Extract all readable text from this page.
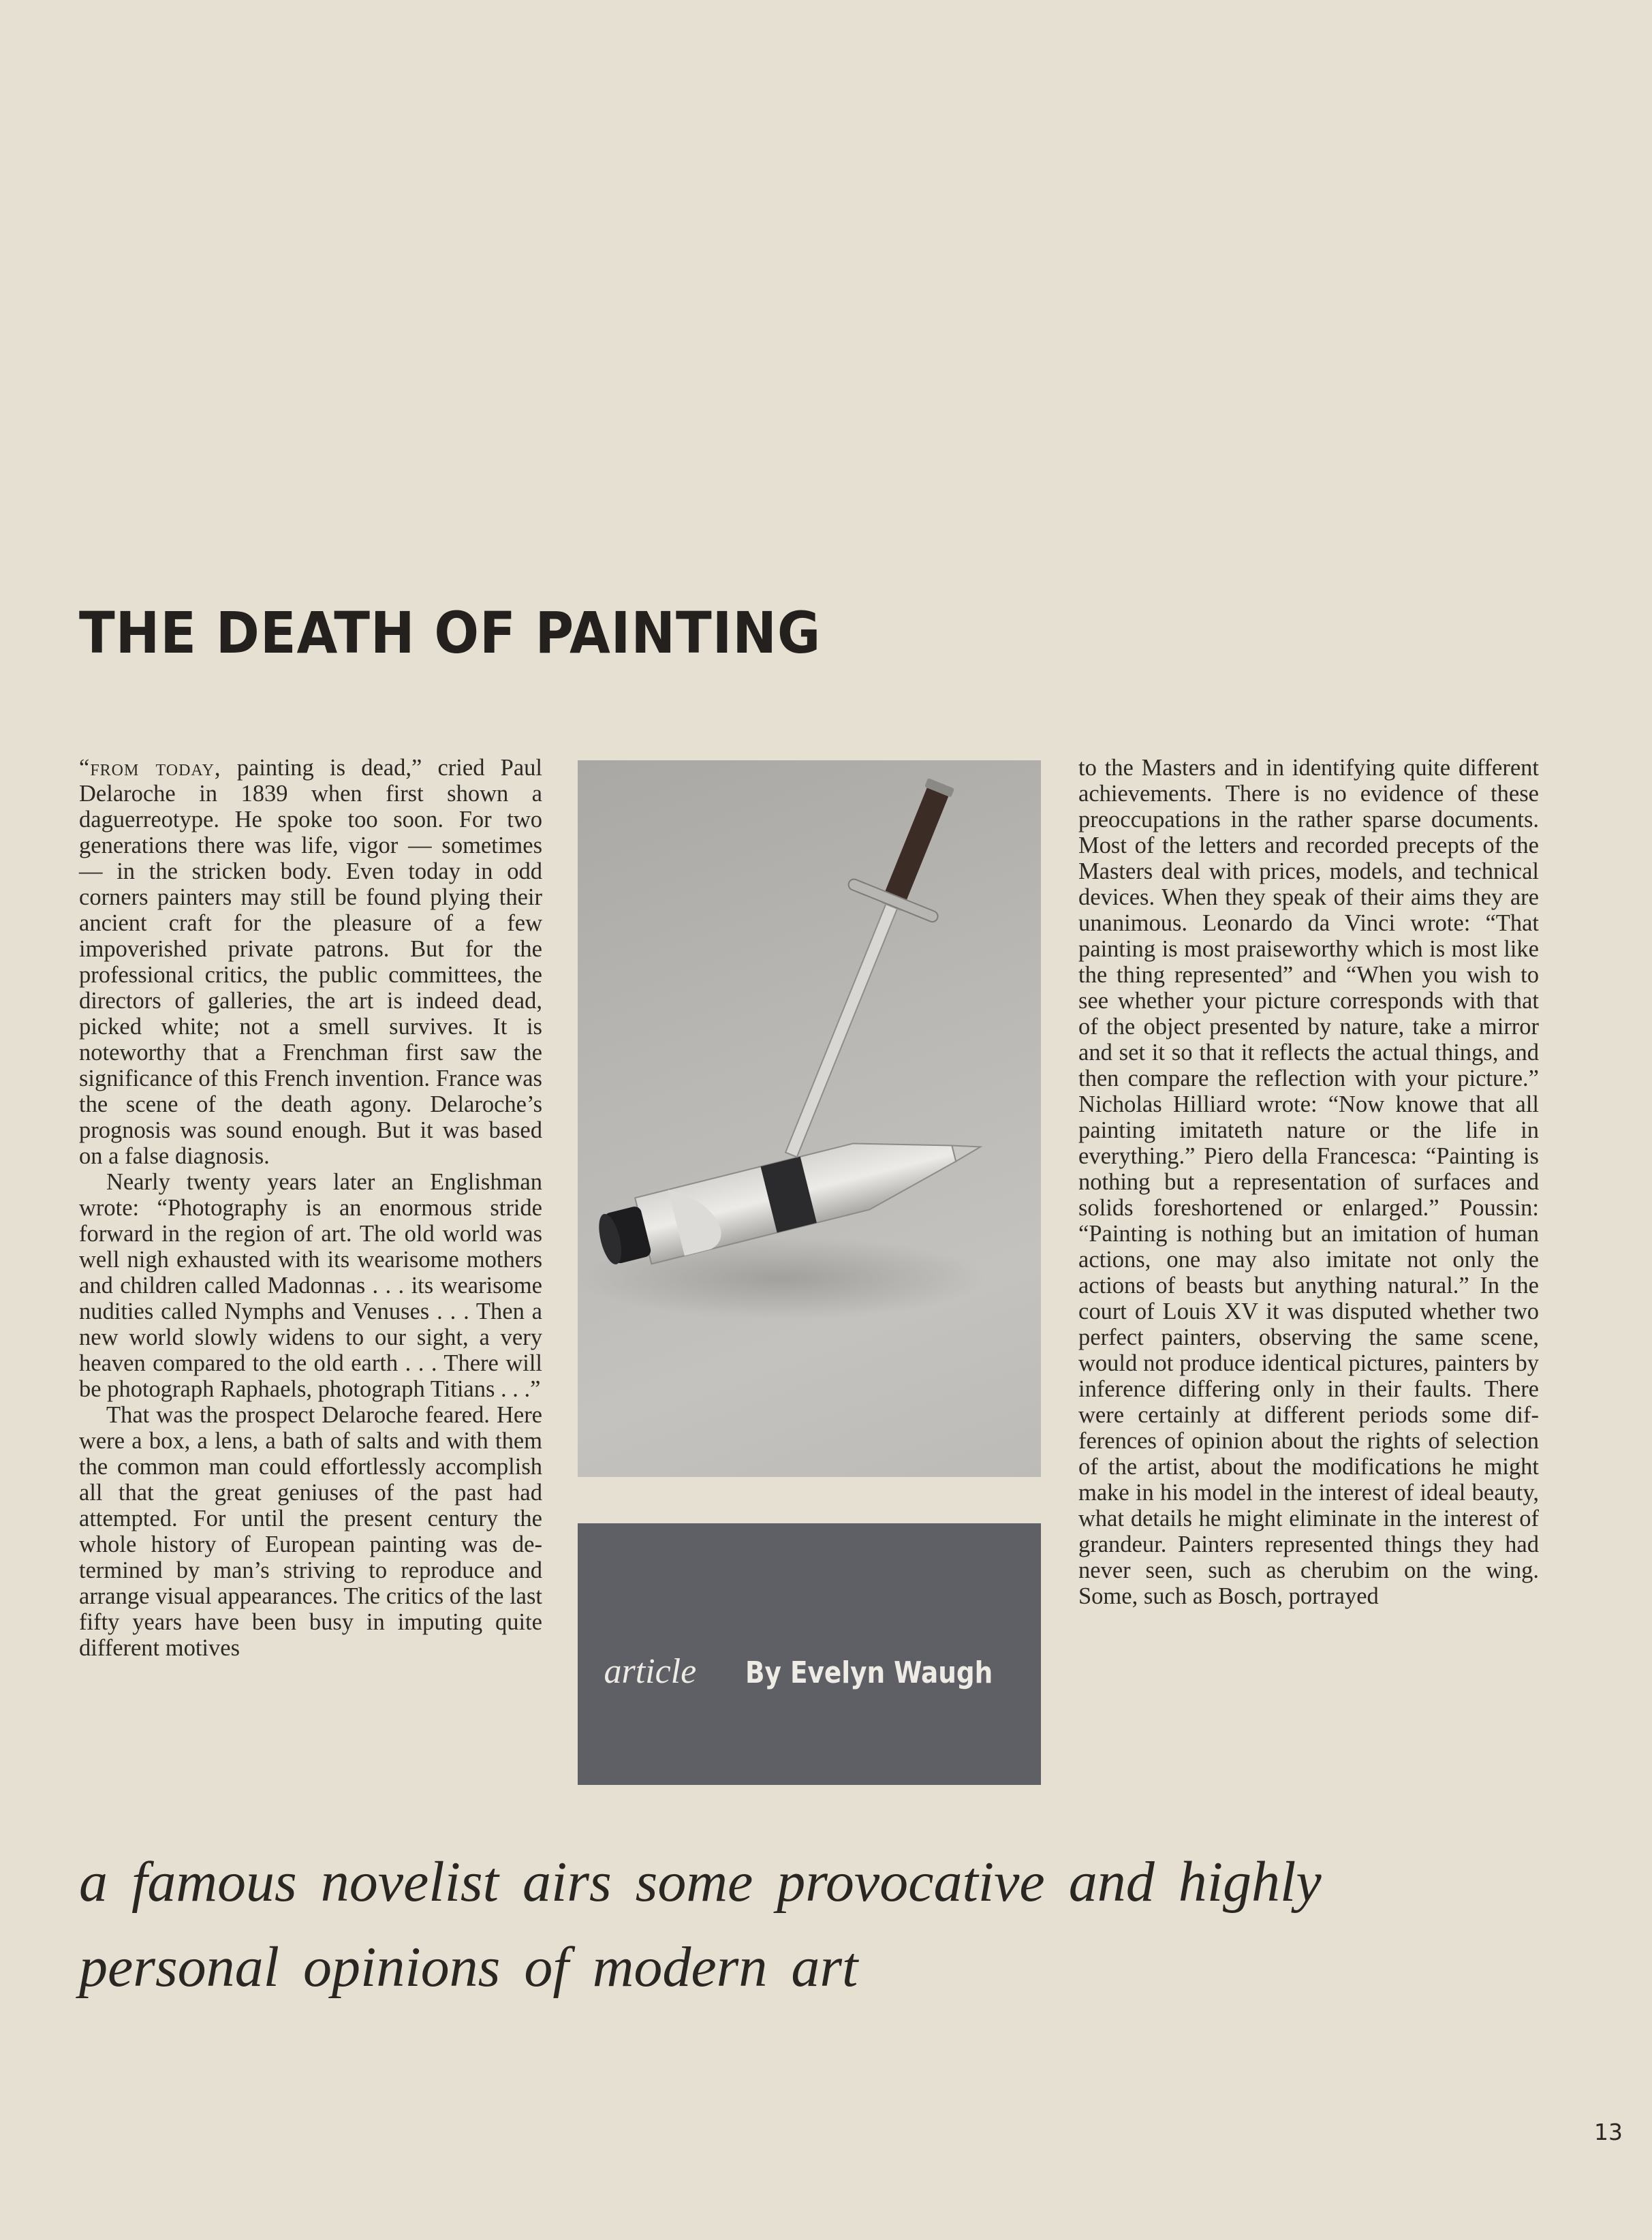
THE DEATH OF PAINTING

“from today, painting is dead,” cried Paul Delaroche in 1839 when first shown a daguerreotype. He spoke too soon. For two generations there was life, vigor — sometimes — in the stricken body. Even today in odd corners painters may still be found plying their ancient craft for the pleasure of a few impoverished private patrons. But for the professional critics, the public committees, the directors of galleries, the art is indeed dead, picked white; not a smell survives. It is noteworthy that a Frenchman first saw the significance of this French invention. France was the scene of the death agony. Delaroche’s prognosis was sound enough. But it was based on a false diagnosis.

Nearly twenty years later an Englishman wrote: “Photography is an enormous stride forward in the region of art. The old world was well nigh exhausted with its wearisome mothers and children called Madonnas . . . its wearisome nudities called Nymphs and Venuses . . . Then a new world slowly widens to our sight, a very heaven compared to the old earth . . . There will be photograph Raphaels, photograph Titians . . .”

That was the prospect Delaroche feared. Here were a box, a lens, a bath of salts and with them the common man could effortlessly accomplish all that the great geniuses of the past had attempted. For until the present century the whole history of European painting was determined by man’s striving to reproduce and arrange visual appearances. The critics of the last fifty years have been busy in imputing quite different motives

article By Evelyn Waugh

to the Masters and in identifying quite different achievements. There is no evidence of these preoccupations in the rather sparse documents. Most of the letters and recorded precepts of the Masters deal with prices, models, and technical devices. When they speak of their aims they are unanimous. Leonardo da Vinci wrote: “That painting is most praiseworthy which is most like the thing represented” and “When you wish to see whether your picture corresponds with that of the object presented by nature, take a mirror and set it so that it reflects the actual things, and then compare the reflection with your picture.” Nicholas Hilliard wrote: “Now knowe that all painting imitateth nature or the life in everything.” Piero della Francesca: “Painting is nothing but a representation of surfaces and solids foreshortened or enlarged.” Poussin: “Painting is nothing but an imitation of human actions, one may also imitate not only the actions of beasts but anything natural.” In the court of Louis XV it was disputed whether two perfect painters, observing the same scene, would not produce identical pictures, painters by inference differing only in their faults. There were certainly at different periods some differences of opinion about the rights of selection of the artist, about the modifications he might make in his model in the interest of ideal beauty, what details he might eliminate in the interest of grandeur. Painters represented things they had never seen, such as cherubim on the wing. Some, such as Bosch, portrayed

a famous novelist airs some provocative and highly personal opinions of modern art

13
